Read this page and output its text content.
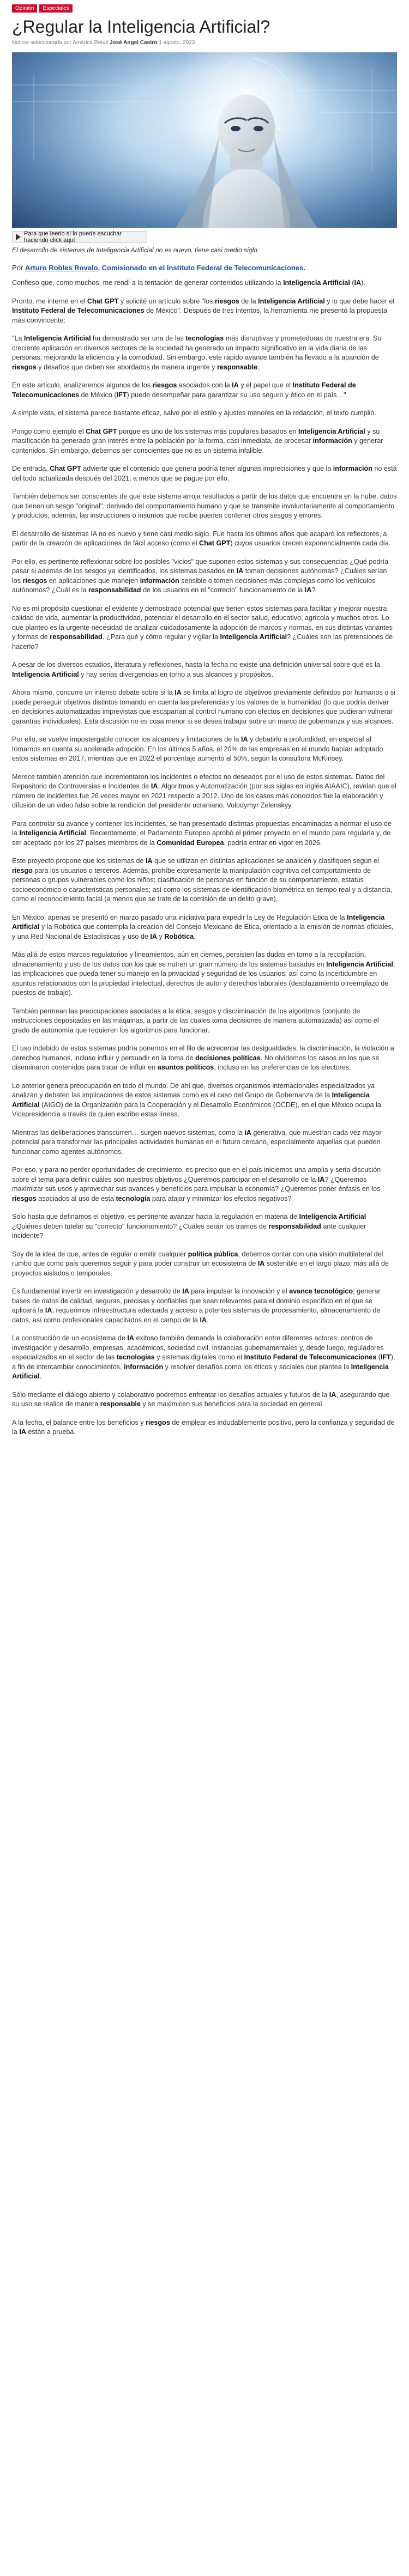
Opinión	Especiales
¿Regular la Inteligencia Artificial?
Noticia seleccionada por América Retail José Angel Castro 1 agosto, 2023
Para que leerlo sí lo puede escuchar haciendo click aquí

El desarrollo de sistemas de Inteligencia Artificial no es nuevo, tiene casi medio siglo.

Por Arturo Robles Rovalo, Comisionado en el Instituto Federal de Telecomunicaciones.

Confieso que, como muchos, me rendí a la tentación de generar contenidos utilizando la Inteligencia Artificial (IA).

Pronto, me interné en el Chat GPT y solicité un artículo sobre "los riesgos de la Inteligencia Artificial y lo que debe hacer el Instituto Federal de Telecomunicaciones de México". Después de tres intentos, la herramienta me presentó la propuesta más convincente:

"La Inteligencia Artificial ha demostrado ser una de las tecnologías más disruptivas y prometedoras de nuestra era. Su creciente aplicación en diversos sectores de la sociedad ha generado un impacto significativo en la vida diaria de las personas, mejorando la eficiencia y la comodidad. Sin embargo, este rápido avance también ha llevado a la aparición de riesgos y desafíos que deben ser abordados de manera urgente y responsable.

En este artículo, analizaremos algunos de los riesgos asociados con la IA y el papel que el Instituto Federal de Telecomunicaciones de México (IFT) puede desempeñar para garantizar su uso seguro y ético en el país…"

A simple vista, el sistema parece bastante eficaz, salvo por el estilo y ajustes menores en la redacción, el texto cumplió.

Pongo como ejemplo el Chat GPT porque es uno de los sistemas más populares basados en Inteligencia Artificial y su masificación ha generado gran interés entre la población por la forma, casi inmediata, de procesar información y generar contenidos. Sin embargo, debemos ser conscientes que no es un sistema infalible.

De entrada, Chat GPT advierte que el contenido que genera podría tener algunas imprecisiones y que la información no está del todo actualizada después del 2021, a menos que se pague por ello.

También debemos ser conscientes de que este sistema arroja resultados a partir de los datos que encuentra en la nube, datos que tienen un sesgo "original", derivado del comportamiento humano y que se transmite involuntariamente al comportamiento y productos; además, las instrucciones o insumos que recibe pueden contener otros sesgos y errores.

El desarrollo de sistemas IA no es nuevo y tiene casi medio siglo. Fue hasta los últimos años que acaparó los reflectores, a partir de la creación de aplicaciones de fácil acceso (como el Chat GPT) cuyos usuarios crecen exponencialmente cada día.

Por ello, es pertinente reflexionar sobre los posibles "vicios" que suponen estos sistemas y sus consecuencias ¿Qué podría pasar si además de los sesgos ya identificados, los sistemas basados en IA toman decisiones autónomas? ¿Cuáles serían los riesgos en aplicaciones que manejen información sensible o tomen decisiones más complejas como los vehículos autónomos? ¿Cuál es la responsabilidad de los usuarios en el "correcto" funcionamiento de la IA?

No es mi propósito cuestionar el evidente y demostrado potencial que tienen estos sistemas para facilitar y mejorar nuestra calidad de vida, aumentar la productividad, potenciar el desarrollo en el sector salud, educativo, agrícola y muchos otros. Lo que planteo es la urgente necesidad de analizar cuidadosamente la adopción de marcos y normas, en sus distintas variantes y formas de responsabilidad. ¿Para qué y cómo regular y vigilar la Inteligencia Artificial? ¿Cuáles son las pretensiones de hacerlo?

A pesar de los diversos estudios, literatura y reflexiones, hasta la fecha no existe una definición universal sobre qué es la Inteligencia Artificial y hay serias divergencias en torno a sus alcances y propósitos.

Ahora mismo, concurre un intenso debate sobre si la IA se limita al logro de objetivos previamente definidos por humanos o si puede perseguir objetivos distintos tomando en cuenta las preferencias y los valores de la humanidad (lo que podría derivar en decisiones automatizadas imprevistas que escaparían al control humano con efectos en decisiones que pudieran vulnerar garantías individuales). Esta discusión no es cosa menor si se desea trabajar sobre un marco de gobernanza y sus alcances.

Por ello, se vuelve impostergable conocer los alcances y limitaciones de la IA y debatirlo a profundidad, en especial al tomarnos en cuenta su acelerada adopción. En los últimos 5 años, el 20% de las empresas en el mundo habían adoptado estos sistemas en 2017, mientras que en 2022 el porcentaje aumentó al 50%, según la consultora McKinsey.

Merece también atención que incrementaron los incidentes o efectos no deseados por el uso de estos sistemas. Datos del Repositorio de Controversias e Incidentes de IA, Algoritmos y Automatización (por sus siglas en inglés AIAAIC), revelan que el número de incidentes fue 26 veces mayor en 2021 respecto a 2012. Uno de los casos más conocidos fue la elaboración y difusión de un video falso sobre la rendición del presidente ucraniano, Volodymyr Zelenskyy.

Para controlar su avance y contener los incidentes, se han presentado distintas propuestas encaminadas a normar el uso de la Inteligencia Artificial. Recientemente, el Parlamento Europeo aprobó el primer proyecto en el mundo para regularla y, de ser aceptado por los 27 países miembros de la Comunidad Europea, podría entrar en vigor en 2026.

Este proyecto propone que los sistemas de IA que se utilizan en distintas aplicaciones se analicen y clasifiquen según el riesgo para los usuarios o terceros. Además, prohíbe expresamente la manipulación cognitiva del comportamiento de personas o grupos vulnerables como los niños; clasificación de personas en función de su comportamiento, estatus socioeconómico o características personales; así como los sistemas de identificación biométrica en tiempo real y a distancia, como el reconocimiento facial (a menos que se trate de la comisión de un delito grave).

En México, apenas se presentó en marzo pasado una iniciativa para expedir la Ley de Regulación Ética de la Inteligencia Artificial y la Robótica que contempla la creación del Consejo Mexicano de Ética, orientado a la emisión de normas oficiales, y una Red Nacional de Estadísticas y uso de IA y Robótica.

Más allá de estos marcos regulatorios y lineamientos, aún en ciernes, persisten las dudas en torno a la recopilación, almacenamiento y uso de los datos con los que se nutren un gran número de los sistemas basados en Inteligencia Artificial; las implicaciones que pueda tener su manejo en la privacidad y seguridad de los usuarios; así como la incertidumbre en asuntos relacionados con la propiedad intelectual, derechos de autor y derechos laborales (desplazamiento o reemplazo de puestos de trabajo).

También permean las preocupaciones asociadas a la ética, sesgos y discriminación de los algoritmos (conjunto de instrucciones depositadas en las máquinas, a partir de las cuales toma decisiones de manera automatizada) así como el grado de autonomía que requieren los algoritmos para funcionar.

El uso indebido de estos sistemas podría ponernos en el filo de acrecentar las desigualdades, la discriminación, la violación a derechos humanos, incluso influir y persuadir en la toma de decisiones políticas. No olvidemos los casos en los que se diseminaron contenidos para tratar de influir en asuntos políticos, incluso en las preferencias de los electores.

Lo anterior genera preocupación en todo el mundo. De ahí que, diversos organismos internacionales especializados ya analizan y debaten las implicaciones de estos sistemas como es el caso del Grupo de Gobernanza de la Inteligencia Artificial (AIGO) de la Organización para la Cooperación y el Desarrollo Económicos (OCDE), en el que México ocupa la Vicepresidencia a través de quien escribe estas líneas.

Mientras las deliberaciones transcurren… surgen nuevos sistemas, como la IA generativa, que muestran cada vez mayor potencial para transformar las principales actividades humanas en el futuro cercano, especialmente aquellas que pueden funcionar como agentes autónomos.

Por eso, y para no perder oportunidades de crecimiento, es preciso que en el país iniciemos una amplia y seria discusión sobre el tema para definir cuáles son nuestros objetivos ¿Queremos participar en el desarrollo de la IA? ¿Queremos maximizar sus usos y aprovechar sus avances y beneficios para impulsar la economía? ¿Queremos poner énfasis en los riesgos asociados al uso de esta tecnología para atajar y minimizar los efectos negativos?

Sólo hasta que definamos el objetivo, es pertinente avanzar hacia la regulación en materia de Inteligencia Artificial ¿Quiénes deben tutelar su "correcto" funcionamiento? ¿Cuáles serán los tramos de responsabilidad ante cualquier incidente?

Soy de la idea de que, antes de regular o emitir cualquier política pública, debemos contar con una visión multilateral del rumbo que como país queremos seguir y para poder construir un ecosistema de IA sostenible en el largo plazo, más allá de proyectos aislados o temporales.

Es fundamental invertir en investigación y desarrollo de IA para impulsar la innovación y el avance tecnológico; generar bases de datos de calidad, seguras, precisas y confiables que sean relevantes para el dominio específico en el que se aplicará la IA; requerimos infraestructura adecuada y acceso a potentes sistemas de procesamiento, almacenamiento de datos, así como profesionales capacitados en el campo de la IA.

La construcción de un ecosistema de IA exitoso también demanda la colaboración entre diferentes actores: centros de investigación y desarrollo, empresas, académicos, sociedad civil, instancias gubernamentales y, desde luego, reguladores especializados en el sector de las tecnologías y sistemas digitales como el Instituto Federal de Telecomunicaciones (IFT), a fin de intercambiar conocimientos, información y resolver desafíos como los éticos y sociales que plantea la Inteligencia Artificial.

Sólo mediante el diálogo abierto y colaborativo podremos enfrentar los desafíos actuales y futuros de la IA, asegurando que su uso se realice de manera responsable y se maximicen sus beneficios para la sociedad en general.

A la fecha, el balance entre los beneficios y riesgos de emplear es indudablemente positivo, pero la confianza y seguridad de la IA están a prueba.
